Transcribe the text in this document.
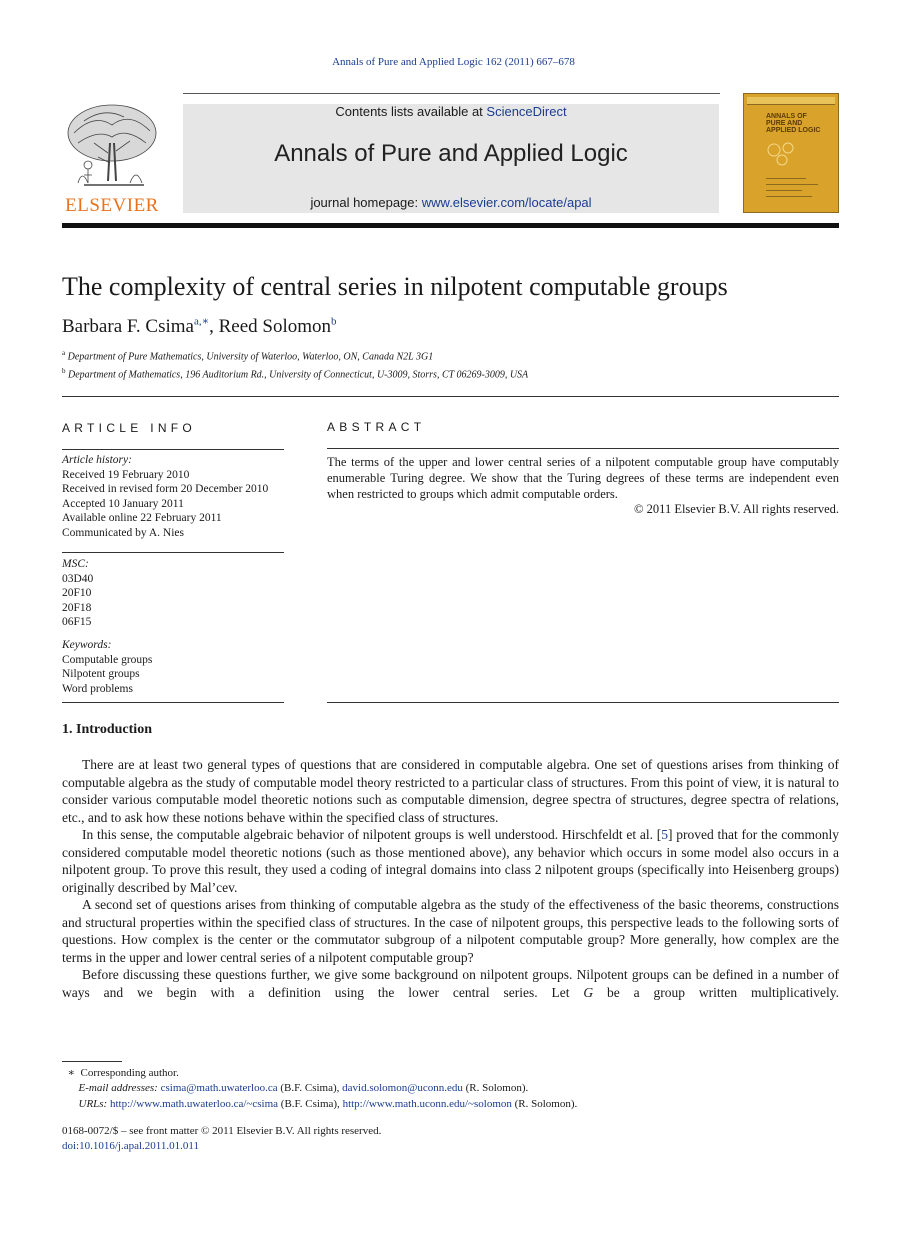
Annals of Pure and Applied Logic 162 (2011) 667–678
ELSEVIER
Contents lists available at ScienceDirect
Annals of Pure and Applied Logic
journal homepage: www.elsevier.com/locate/apal
ANNALS OF
PURE AND
APPLIED LOGIC
The complexity of central series in nilpotent computable groups
Barbara F. Csima$^{a,∗}$, Reed Solomon$^b$
$^a$ Department of Pure Mathematics, University of Waterloo, Waterloo, ON, Canada N2L 3G1
$^b$ Department of Mathematics, 196 Auditorium Rd., University of Connecticut, U-3009, Storrs, CT 06269-3009, USA
ARTICLE INFO	ABSTRACT
Article history:
Received 19 February 2010
Received in revised form 20 December 2010
Accepted 10 January 2011
Available online 22 February 2011
Communicated by A. Nies
MSC:
03D40
20F10
20F18
06F15
Keywords:
Computable groups
Nilpotent groups
Word problems
The terms of the upper and lower central series of a nilpotent computable group have computably enumerable Turing degree. We show that the Turing degrees of these terms are independent even when restricted to groups which admit computable orders.
© 2011 Elsevier B.V. All rights reserved.
1. Introduction

There are at least two general types of questions that are considered in computable algebra. One set of questions arises from thinking of computable algebra as the study of computable model theory restricted to a particular class of structures. From this point of view, it is natural to consider various computable model theoretic notions such as computable dimension, degree spectra of structures, degree spectra of relations, etc., and to ask how these notions behave within the specified class of structures.

In this sense, the computable algebraic behavior of nilpotent groups is well understood. Hirschfeldt et al. [5] proved that for the commonly considered computable model theoretic notions (such as those mentioned above), any behavior which occurs in some model also occurs in a nilpotent group. To prove this result, they used a coding of integral domains into class 2 nilpotent groups (specifically into Heisenberg groups) originally described by Mal’cev.

A second set of questions arises from thinking of computable algebra as the study of the effectiveness of the basic theorems, constructions and structural properties within the specified class of structures. In the case of nilpotent groups, this perspective leads to the following sorts of questions. How complex is the center or the commutator subgroup of a nilpotent computable group? More generally, how complex are the terms in the upper and lower central series of a nilpotent computable group?

Before discussing these questions further, we give some background on nilpotent groups. Nilpotent groups can be defined in a number of ways and we begin with a definition using the lower central series. Let G be a group written multiplicatively.

∗ Corresponding author.
E-mail addresses: csima@math.uwaterloo.ca (B.F. Csima), david.solomon@uconn.edu (R. Solomon).
URLs: http://www.math.uwaterloo.ca/~csima (B.F. Csima), http://www.math.uconn.edu/~solomon (R. Solomon).
0168-0072/$ – see front matter © 2011 Elsevier B.V. All rights reserved.
doi:10.1016/j.apal.2011.01.011
